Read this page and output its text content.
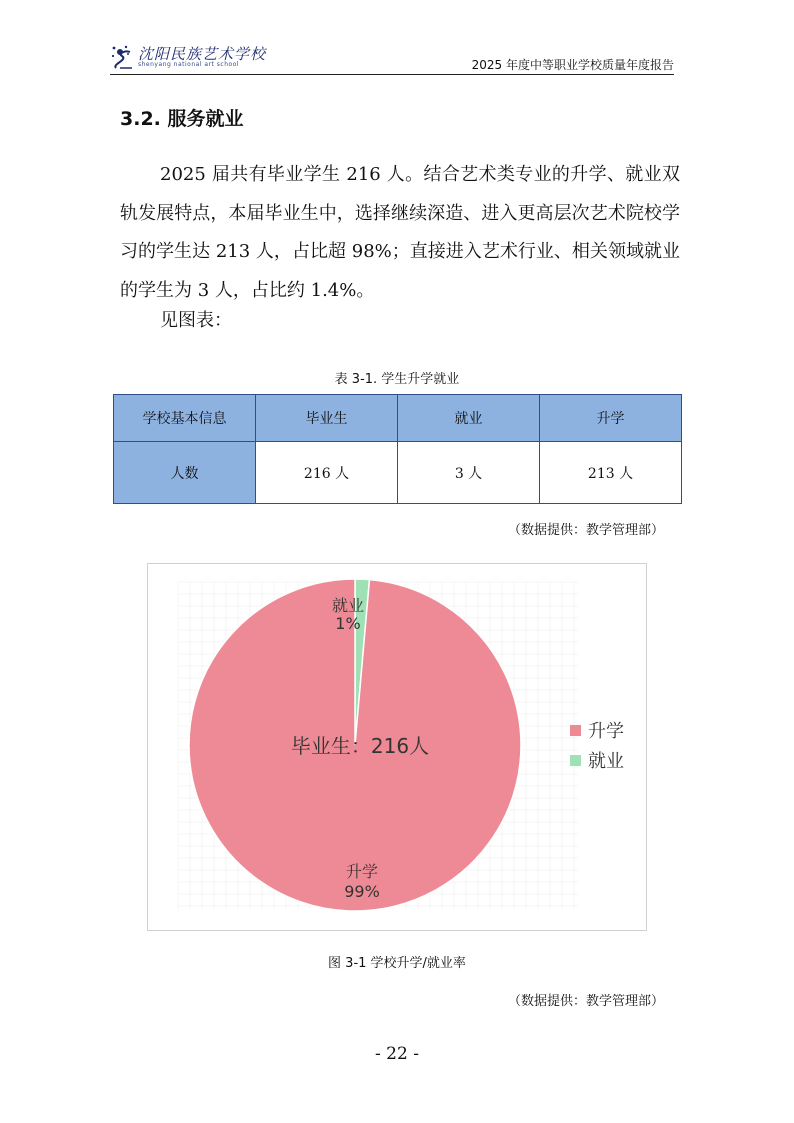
沈阳民族艺术学校
shenyang national art school	2025 年度中等职业学校质量年度报告
3.2. 服务就业

2025 届共有毕业学生 216 人。结合艺术类专业的升学、就业双轨发展特点，本届毕业生中，选择继续深造、进入更高层次艺术院校学习的学生达 213 人，占比超 98%；直接进入艺术行业、相关领域就业的学生为 3 人，占比约 1.4%。

见图表：
表 3-1. 学生升学就业
学校基本信息	毕业生	就业	升学
人数	216 人	3 人	213 人
（数据提供：教学管理部）
就业
1%
升学
99%
毕业生：216人
升学
就业
图 3-1 学校升学/就业率
（数据提供：教学管理部）
- 22 -
